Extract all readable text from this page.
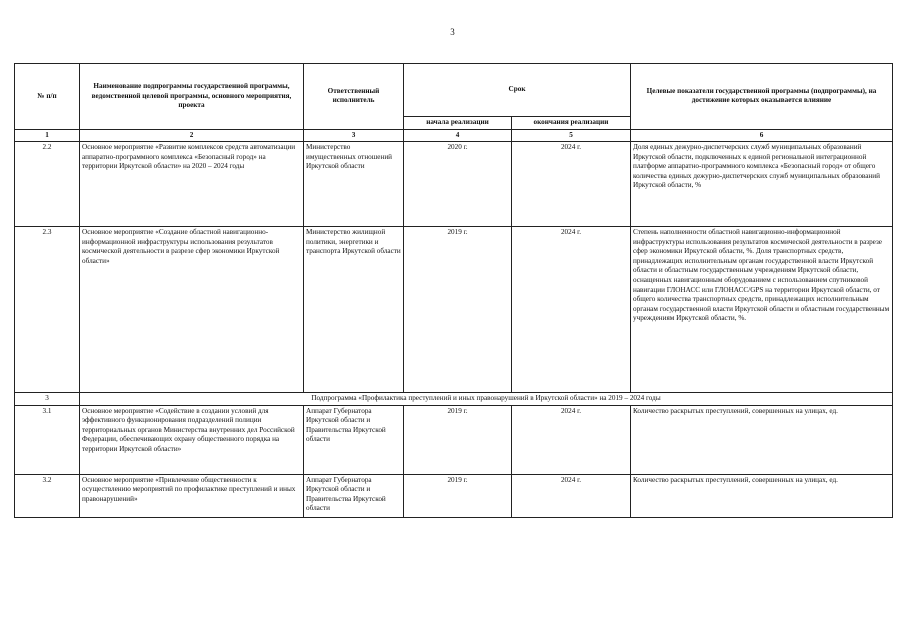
3
№ п/п	Наименование подпрограммы государственной программы, ведомственной целевой программы, основного мероприятия, проекта	Ответственный исполнитель	Срок		Целевые показатели государственной программы (подпрограммы), на достижение которых оказывается влияние
			начала реализации	окончания реализации	
1	2	3	4	5	6
2.2	Основное мероприятие «Развитие комплексов средств автоматизации аппаратно-программного комплекса «Безопасный город» на территории Иркутской области» на 2020 – 2024 годы	Министерство имущественных отношений Иркутской области	2020 г.	2024 г.	Доля единых дежурно-диспетчерских служб муниципальных образований Иркутской области, подключенных к единой региональной интеграционной платформе аппаратно-программного комплекса «Безопасный город» от общего количества единых дежурно-диспетчерских служб муниципальных образований Иркутской области, %
2.3	Основное мероприятие «Создание областной навигационно-информационной инфраструктуры использования результатов космической деятельности в разрезе сфер экономики Иркутской области»	Министерство жилищной политики, энергетики и транспорта Иркутской области	2019 г.	2024 г.	Степень наполненности областной навигационно-информационной инфраструктуры использования результатов космической деятельности в разрезе сфер экономики Иркутской области, %. Доля транспортных средств, принадлежащих исполнительным органам государственной власти Иркутской области и областным государственным учреждениям Иркутской области, оснащенных навигационным оборудованием с использованием спутниковой навигации ГЛОНАСС или ГЛОНАСС/GPS на территории Иркутской области, от общего количества транспортных средств, принадлежащих исполнительным органам государственной власти Иркутской области и областным государственным учреждениям Иркутской области, %.
3	Подпрограмма «Профилактика преступлений и иных правонарушений в Иркутской области» на 2019 – 2024 годы				
3.1	Основное мероприятие «Содействие в создании условий для эффективного функционирования подразделений полиции территориальных органов Министерства внутренних дел Российской Федерации, обеспечивающих охрану общественного порядка на территории Иркутской области»	Аппарат Губернатора Иркутской области и Правительства Иркутской области	2019 г.	2024 г.	Количество раскрытых преступлений, совершенных на улицах, ед.
3.2	Основное мероприятие «Привлечение общественности к осуществлению мероприятий по профилактике преступлений и иных правонарушений»	Аппарат Губернатора Иркутской области и Правительства Иркутской области	2019 г.	2024 г.	Количество раскрытых преступлений, совершенных на улицах, ед.
